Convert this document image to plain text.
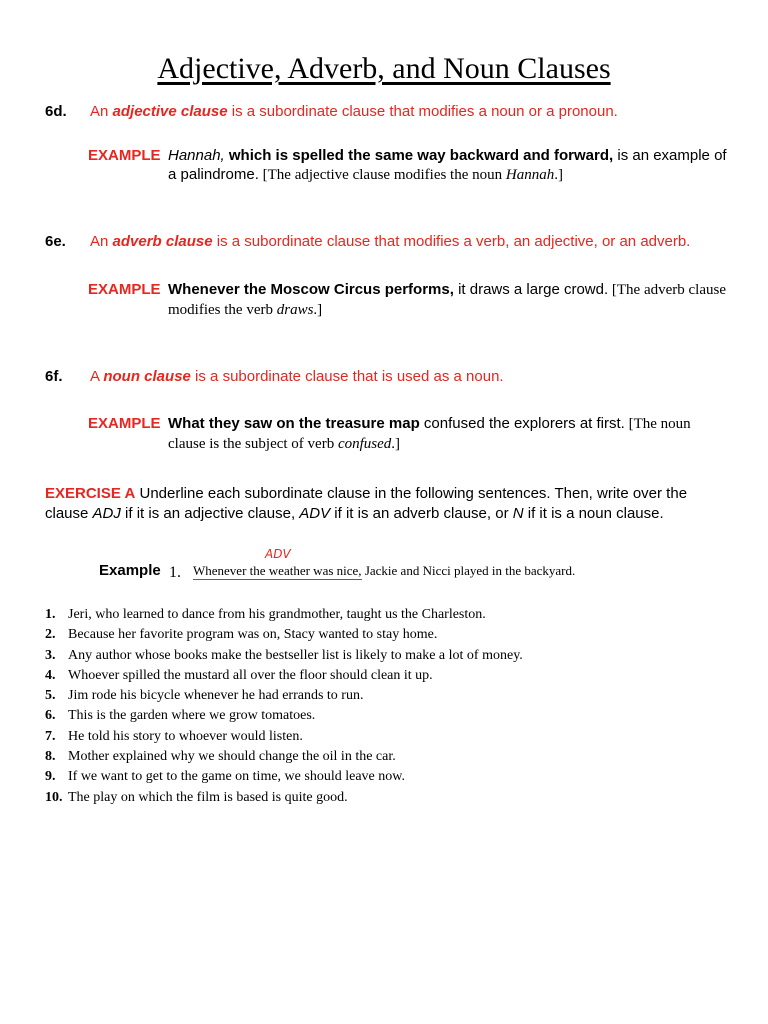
Adjective, Adverb, and Noun Clauses
6d. An adjective clause is a subordinate clause that modifies a noun or a pronoun.
EXAMPLE Hannah, which is spelled the same way backward and forward, is an example of a palindrome. [The adjective clause modifies the noun Hannah.]
6e. An adverb clause is a subordinate clause that modifies a verb, an adjective, or an adverb.
EXAMPLE Whenever the Moscow Circus performs, it draws a large crowd. [The adverb clause modifies the verb draws.]
6f. A noun clause is a subordinate clause that is used as a noun.
EXAMPLE What they saw on the treasure map confused the explorers at first. [The noun clause is the subject of verb confused.]
EXERCISE A Underline each subordinate clause in the following sentences. Then, write over the clause ADJ if it is an adjective clause, ADV if it is an adverb clause, or N if it is a noun clause.
Example 1.
ADV
Whenever the weather was nice, Jackie and Nicci played in the backyard.
1. Jeri, who learned to dance from his grandmother, taught us the Charleston.
2. Because her favorite program was on, Stacy wanted to stay home.
3. Any author whose books make the bestseller list is likely to make a lot of money.
4. Whoever spilled the mustard all over the floor should clean it up.
5. Jim rode his bicycle whenever he had errands to run.
6. This is the garden where we grow tomatoes.
7. He told his story to whoever would listen.
8. Mother explained why we should change the oil in the car.
9. If we want to get to the game on time, we should leave now.
10. The play on which the film is based is quite good.
